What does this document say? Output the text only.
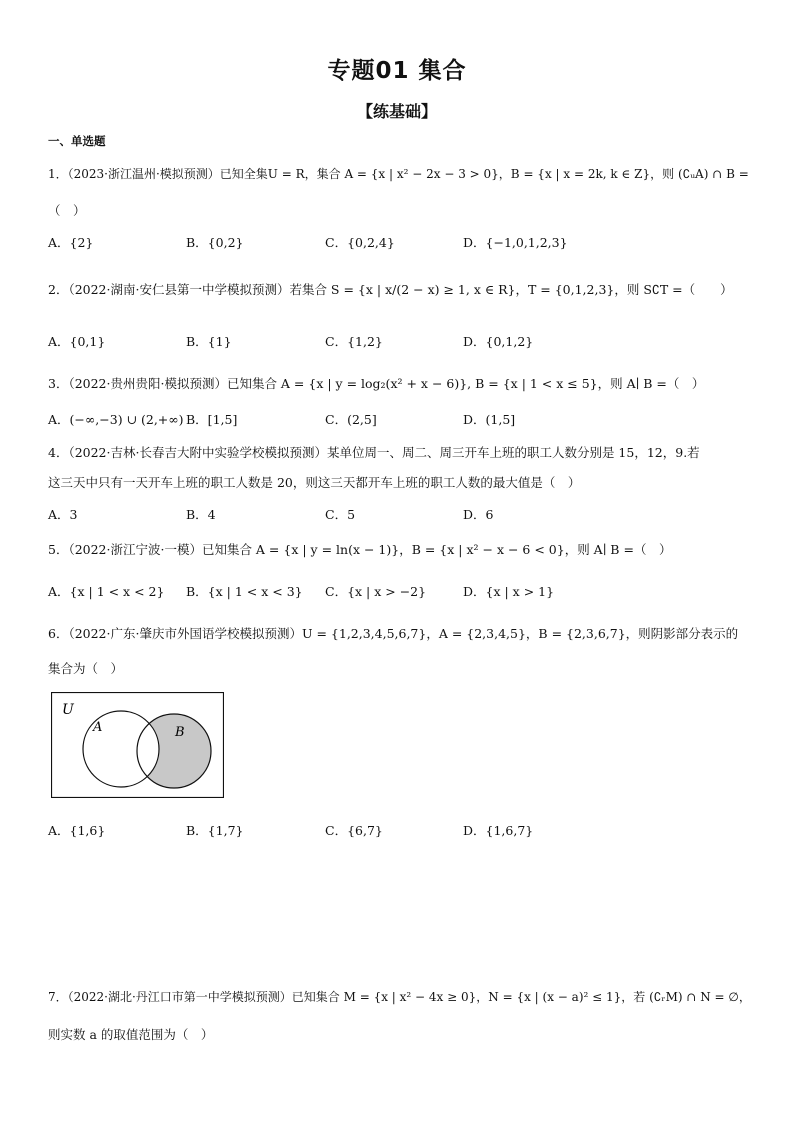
专题01 集合
【练基础】
一、单选题
1．（2023·浙江温州·模拟预测）已知全集U = R，集合 A = {x | x² − 2x − 3 > 0}，B = {x | x = 2k, k ∈ Z}，则 (∁ᵤA) ∩ B =
（　）
A．{2}	B．{0,2}	C．{0,2,4}	D．{−1,0,1,2,3}
2．（2022·湖南·安仁县第一中学模拟预测）若集合 S = {x | x/(2 − x) ≥ 1, x ∈ R}，T = {0,1,2,3}，则 S∁T =（　　）
A．{0,1}	B．{1}	C．{1,2}	D．{0,1,2}
3．（2022·贵州贵阳·模拟预测）已知集合 A = {x | y = log₂(x² + x − 6)}, B = {x | 1 < x ≤ 5}，则 A∣ B =（　）
A．(−∞,−3) ∪ (2,+∞) B．[1,5]	C．(2,5]	D．(1,5]
4．（2022·吉林·长春吉大附中实验学校模拟预测）某单位周一、周二、周三开车上班的职工人数分别是 15，12，9.若
这三天中只有一天开车上班的职工人数是 20，则这三天都开车上班的职工人数的最大值是（　）
A．3	B．4	C．5	D．6
5．（2022·浙江宁波·一模）已知集合 A = {x | y = ln(x − 1)}，B = {x | x² − x − 6 < 0}，则 A∣ B =（　）
A．{x | 1 < x < 2} B．{x | 1 < x < 3} C．{x | x > −2}	D．{x | x > 1}
6．（2022·广东·肇庆市外国语学校模拟预测）U = {1,2,3,4,5,6,7}，A = {2,3,4,5}，B = {2,3,6,7}，则阴影部分表示的
集合为（　）
U
A	B
A．{1,6}	B．{1,7}	C．{6,7}	D．{1,6,7}
7．（2022·湖北·丹江口市第一中学模拟预测）已知集合 M = {x | x² − 4x ≥ 0}，N = {x | (x − a)² ≤ 1}，若 (∁ᵣM) ∩ N = ∅，
则实数 a 的取值范围为（　）
